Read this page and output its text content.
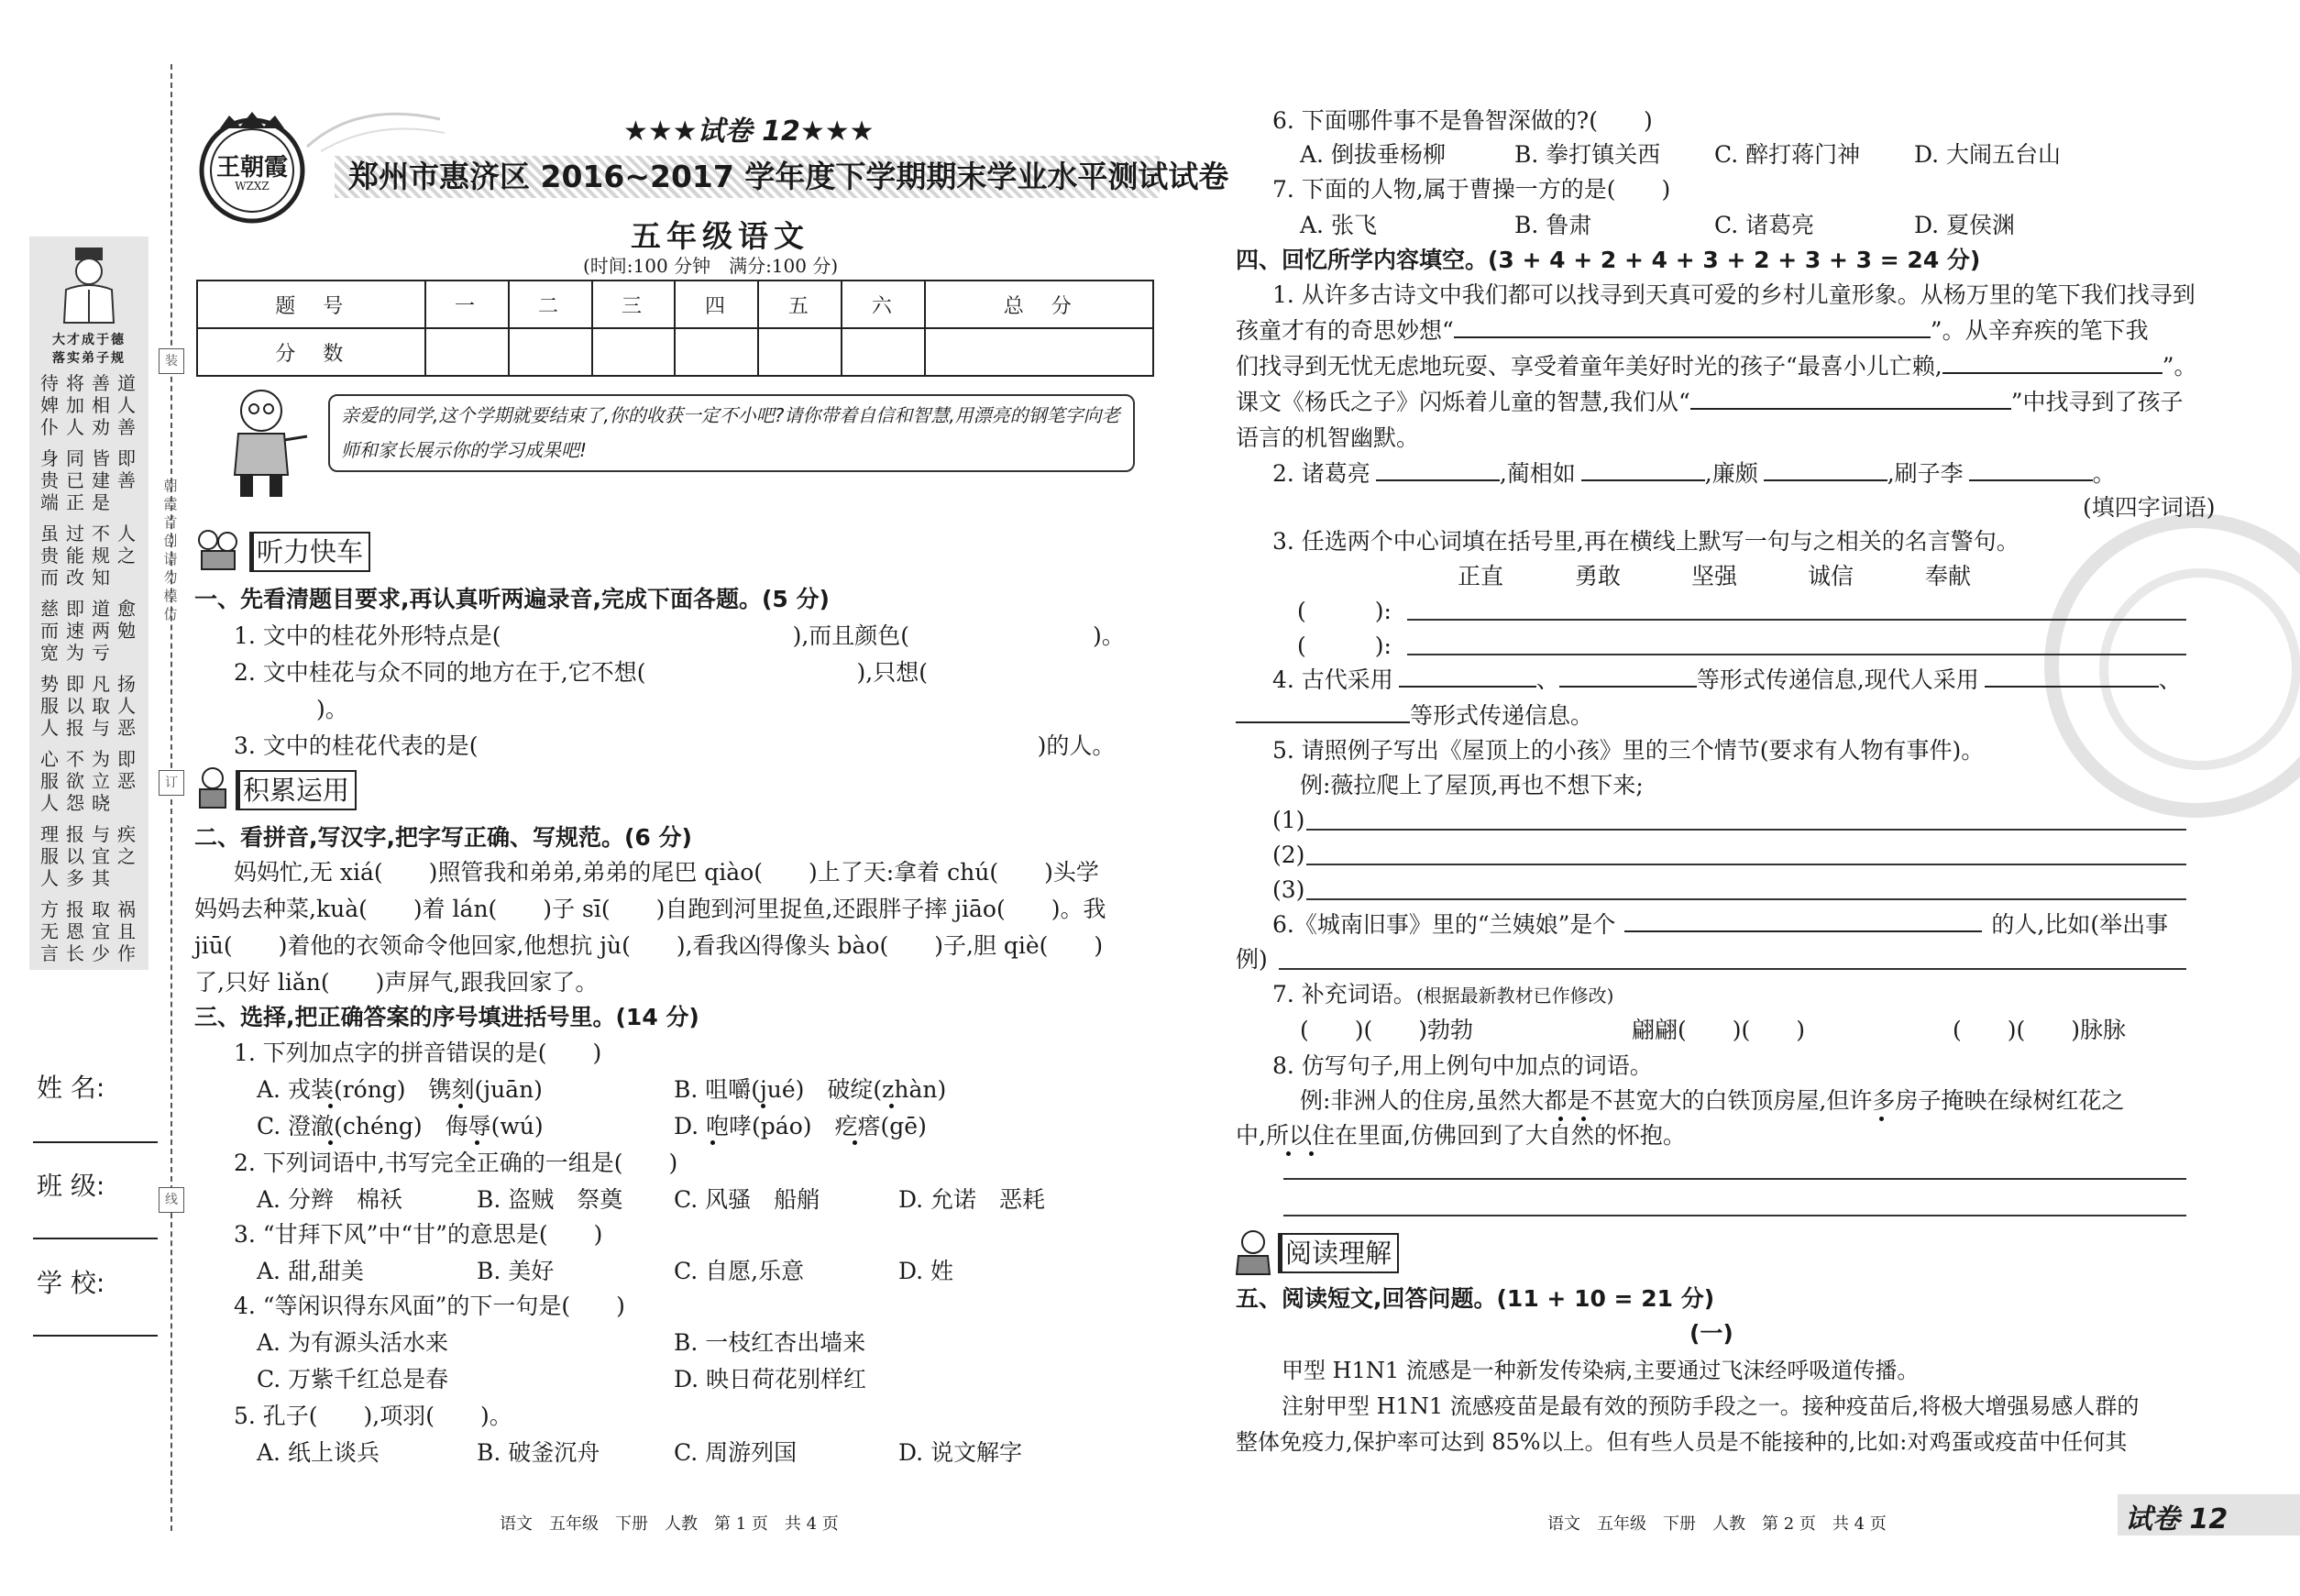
大才成于德
落实弟子规
待婢仆
将加人
善相劝
道人善
身贵端
同已正
皆建是
即善
虽贵而
过能改
不规知
人之
慈而宽
即速为
道两亏
愈勉
势服人
即以报
凡取与
扬人恶
心服人
不欲怨
为立晓
即恶
理服人
报以多
与宜其
疾之
方无言
报恩长
取宜少
祸且作
姓 名:
班 级:
学 校:
装
订
线
朝霞首创 请勿模仿
王朝霞
WZXZ
★★★试卷 12★★★
郑州市惠济区 2016~2017 学年度下学期期末学业水平测试试卷
五年级语文
(时间:100 分钟　满分:100 分)
题　号	一	二	三	四	五	六	总　分
分　数							
亲爱的同学,这个学期就要结束了,你的收获一定不小吧?请你带着自信和智慧,用漂亮的钢笔字向老师和家长展示你的学习成果吧!
听力快车
一、先看清题目要求,再认真听两遍录音,完成下面各题。(5 分)
1. 文中的桂花外形特点是(	),而且颜色(	)。
2. 文中桂花与众不同的地方在于,它不想(	),只想(
)。
3. 文中的桂花代表的是(	)的人。
积累运用
二、看拼音,写汉字,把字写正确、写规范。(6 分)
妈妈忙,无 xiá(　　)照管我和弟弟,弟弟的尾巴 qiào(　　)上了天:拿着 chú(　　)头学
妈妈去种菜,kuà(　　)着 lán(　　)子 sī(　　)自跑到河里捉鱼,还跟胖子摔 jiāo(　　)。我
jiū(　　)着他的衣领命令他回家,他想抗 jù(　　),看我凶得像头 bào(　　)子,胆 qiè(　　)
了,只好 liǎn(　　)声屏气,跟我回家了。
三、选择,把正确答案的序号填进括号里。(14 分)
1. 下列加点字的拼音错误的是(　　)
A. 戎装(róng)　镌刻(juān)	B. 咀嚼(jué)　破绽(zhàn)
C. 澄澈(chéng)　侮辱(wú)	D. 咆哮(páo)　疙瘩(gē)
2. 下列词语中,书写完全正确的一组是(　　)
A. 分辫　棉袄	B. 盗贼　祭奠 C. 风骚　船艄	D. 允诺　恶耗
3. “甘拜下风”中“甘”的意思是(　　)
A. 甜,甜美	B. 美好	C. 自愿,乐意	D. 姓
4. “等闲识得东风面”的下一句是(　　)
A. 为有源头活水来	B. 一枝红杏出墙来
C. 万紫千红总是春	D. 映日荷花别样红
5. 孔子(　　),项羽(　　)。
A. 纸上谈兵	B. 破釜沉舟	C. 周游列国	D. 说文解字
6. 下面哪件事不是鲁智深做的?(　　)
A. 倒拔垂杨柳	B. 拳打镇关西 C. 醉打蒋门神 D. 大闹五台山
7. 下面的人物,属于曹操一方的是(　　)
A. 张飞	B. 鲁肃	C. 诸葛亮	D. 夏侯渊
四、回忆所学内容填空。(3 + 4 + 2 + 4 + 3 + 2 + 3 + 3 = 24 分)
1. 从许多古诗文中我们都可以找寻到天真可爱的乡村儿童形象。从杨万里的笔下我们找寻到
孩童才有的奇思妙想“	”。从辛弃疾的笔下我
们找寻到无忧无虑地玩耍、享受着童年美好时光的孩子“最喜小儿亡赖,	”。
课文《杨氏之子》闪烁着儿童的智慧,我们从“	”中找寻到了孩子
语言的机智幽默。
2. 诸葛亮	,蔺相如	,廉颇	,刷子李	。
(填四字词语)
3. 任选两个中心词填在括号里,再在横线上默写一句与之相关的名言警句。
正直	勇敢	坚强	诚信	奉献
(　　　):
(　　　):
4. 古代采用	、	等形式传递信息,现代人采用	、
等形式传递信息。
5. 请照例子写出《屋顶上的小孩》里的三个情节(要求有人物有事件)。
例:薇拉爬上了屋顶,再也不想下来;
(1)
(2)
(3)
6.《城南旧事》里的“兰姨娘”是个	的人,比如(举出事
例)
7. 补充词语。(根据最新教材已作修改)
(　　)(　　)勃勃	翩翩(　　)(　　)	(　　)(　　)脉脉
8. 仿写句子,用上例句中加点的词语。
例:非洲人的住房,虽然大都是不甚宽大的白铁顶房屋,但许多房子掩映在绿树红花之
中,所以住在里面,仿佛回到了大自然的怀抱。
阅读理解
五、阅读短文,回答问题。(11 + 10 = 21 分)
(一)
甲型 H1N1 流感是一种新发传染病,主要通过飞沫经呼吸道传播。
注射甲型 H1N1 流感疫苗是最有效的预防手段之一。接种疫苗后,将极大增强易感人群的
整体免疫力,保护率可达到 85%以上。但有些人员是不能接种的,比如:对鸡蛋或疫苗中任何其
语文　五年级　下册　人教　第 1 页　共 4 页	语文　五年级　下册　人教　第 2 页　共 4 页	试卷 12
